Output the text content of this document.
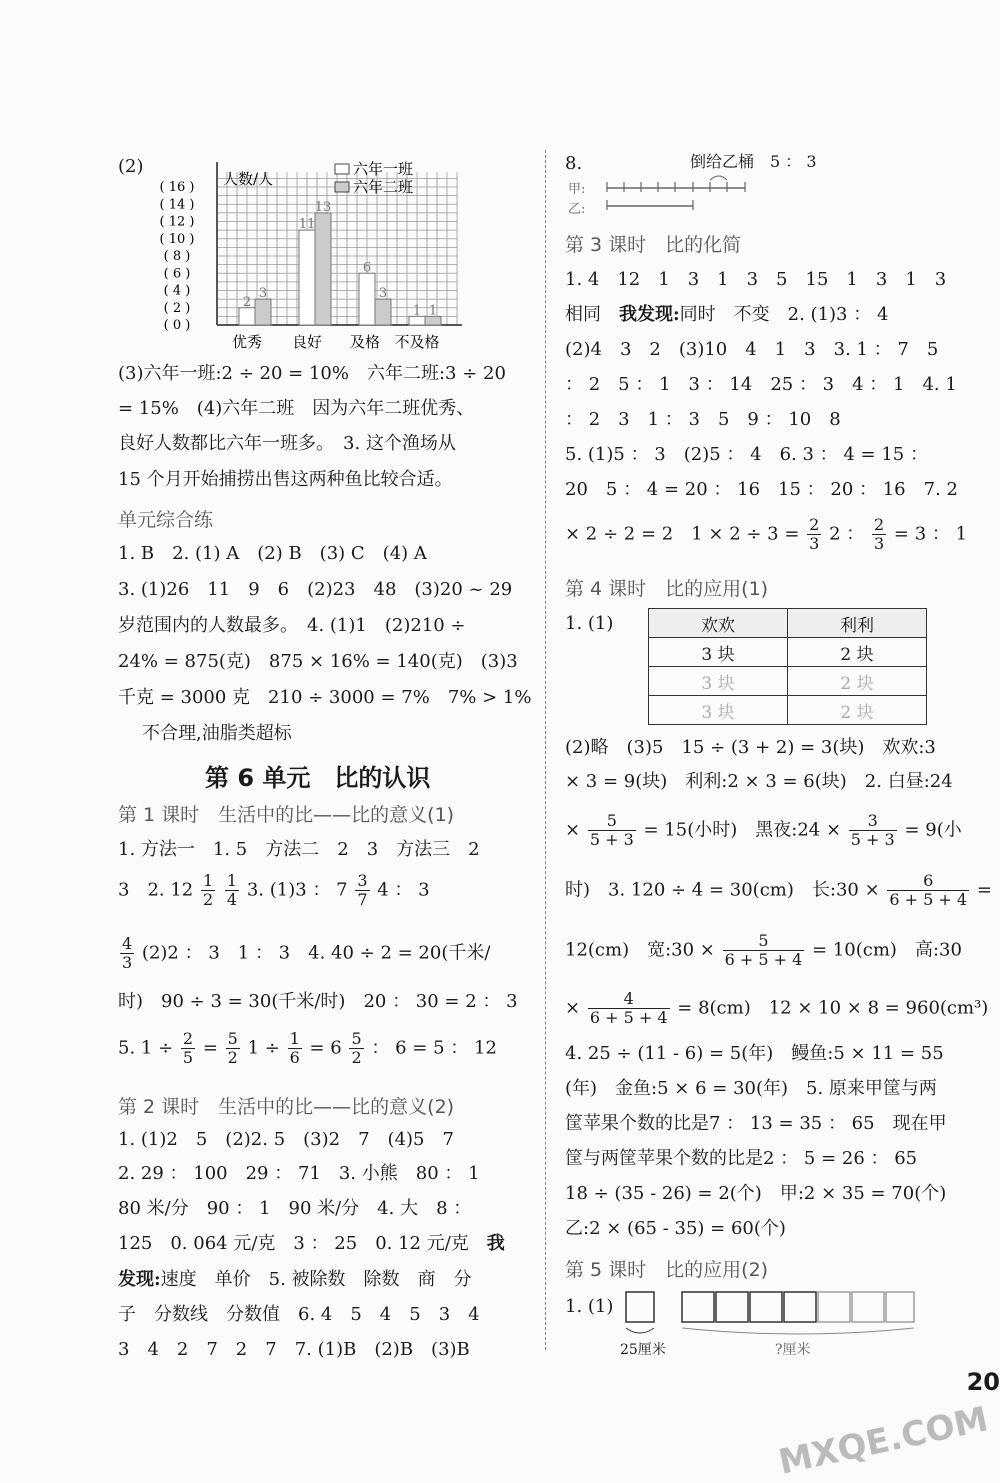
(2)
( 0 )
( 2 )
( 4 )
( 6 )
( 8 )
( 10 )
( 12 )
( 14 )
( 16 ) 人数/人
2
11
6
1
3
13
3
1
优秀 良好 及格 不及格
六年一班
六年二班
(3)六年一班:2 ÷ 20 = 10%　六年二班:3 ÷ 20
= 15%　(4)六年二班　因为六年二班优秀、
良好人数都比六年一班多。　3. 这个渔场从
15 个月开始捕捞出售这两种鱼比较合适。
单元综合练
1. B　2. (1) A　(2) B　(3) C　(4) A
3. (1)26　11　9　6　(2)23　48　(3)20 ~ 29
岁范围内的人数最多。　4. (1)1　(2)210 ÷
24% = 875(克)　875 × 16% = 140(克)　(3)3
千克 = 3000 克　210 ÷ 3000 = 7%　7% > 1%
不合理,油脂类超标
第 6 单元　比的认识
第 1 课时　生活中的比——比的意义(1)
1. 方法一　1. 5　方法二　2　3　方法三　2
3　2. $12 \frac{1}{2}$
$\frac{1}{4} 3$. (1)3 ： $7 \frac{3}{7} 4$ ： 3
$\frac{4}{3} (2)2$ ： 3　1 ： 3　4. 40 ÷ 2 = 20(千米/
时)　90 ÷ 3 = 30(千米/时)　20 ： 30 = 2 ： 3
5. $1 \div \frac{2}{5} = \frac{5}{2} 1 \div \frac{1}{6} = 6 \frac{5}{2}$ ： 6 = 5 ： 12
第 2 课时　生活中的比——比的意义(2)
1. (1)2　5　(2)2. 5　(3)2　7　(4)5　7
2. 29 ： 100　29 ： 71　3. 小熊　80 ： 1
80 米/分　90 ： 1　90 米/分　4. 大　8 ：
125　0. 064 元/克　3 ： 25　0. 12 元/克　 我
发现:速度　单价　5. 被除数　除数　商　分
子　分数线　分数值　6. 4　5　4　5　3　4
3　4　2　7　2　7　7. (1)B　(2)B　(3)B
8.	倒给乙桶　5 ： 3
甲:
乙:
第 3 课时　比的化简
1. 4　12　1　3　1　3　5　15　1　3　1　3
相同　 我发现:同时　不变　2. (1)3 ： 4
(2)4　3　2　(3)10　4　1　3　3. 1 ： 7　5
： 2　5 ： 1　3 ： 14　25 ： 3　4 ： 1　4. 1
： 2　3　1 ： 3　5　9 ： 10　8
5. (1)5 ： 3　(2)5 ： 4　6. 3 ： 4 = 15 ：
20　5 ： 4 = 20 ： 16　15 ： 20 ： 16　7. 2
× 2 ÷ 2 = 2　$1 \times 2 \div 3 = \frac{2}{3} 2$ ： $\frac{2}{3} = 3$ ： 1
第 4 课时　比的应用(1)
1. (1)	欢欢	利利
3 块	2 块
3 块	2 块
3 块	2 块
(2)略　(3)5　15 ÷ (3 + 2) = 3(块)　欢欢:3
× 3 = 9(块)　利利:2 × 3 = 6(块)　2. 白昼:24
× $\frac{5}{5 + 3} = 15$(小时)　黑夜:24 × $\frac{3}{5 + 3} = 9$(小
时)　3. 120 ÷ 4 = 30(cm)　长:30 × $\frac{6}{6 + 5 + 4}$ =
12(cm)　宽:30 × $\frac{5}{6 + 5 + 4} = 10(cm)$　高:30
× $\frac{4}{6 + 5 + 4} = 8(cm)$　12 × 10 × 8 = 960(cm³)
4. 25 ÷ (11 - 6) = 5(年)　鳗鱼:5 × 11 = 55
(年)　金鱼:5 × 6 = 30(年)　5. 原来甲筐与两
筐苹果个数的比是7 ： 13 = 35 ： 65　现在甲
筐与两筐苹果个数的比是2 ： 5 = 26 ： 65
18 ÷ (35 - 26) = 2(个)　甲:2 × 35 = 70(个)
乙:2 × (65 - 35) = 60(个)
第 5 课时　比的应用(2)
1. (1)
25厘米	?厘米
20
MXQE.COM
